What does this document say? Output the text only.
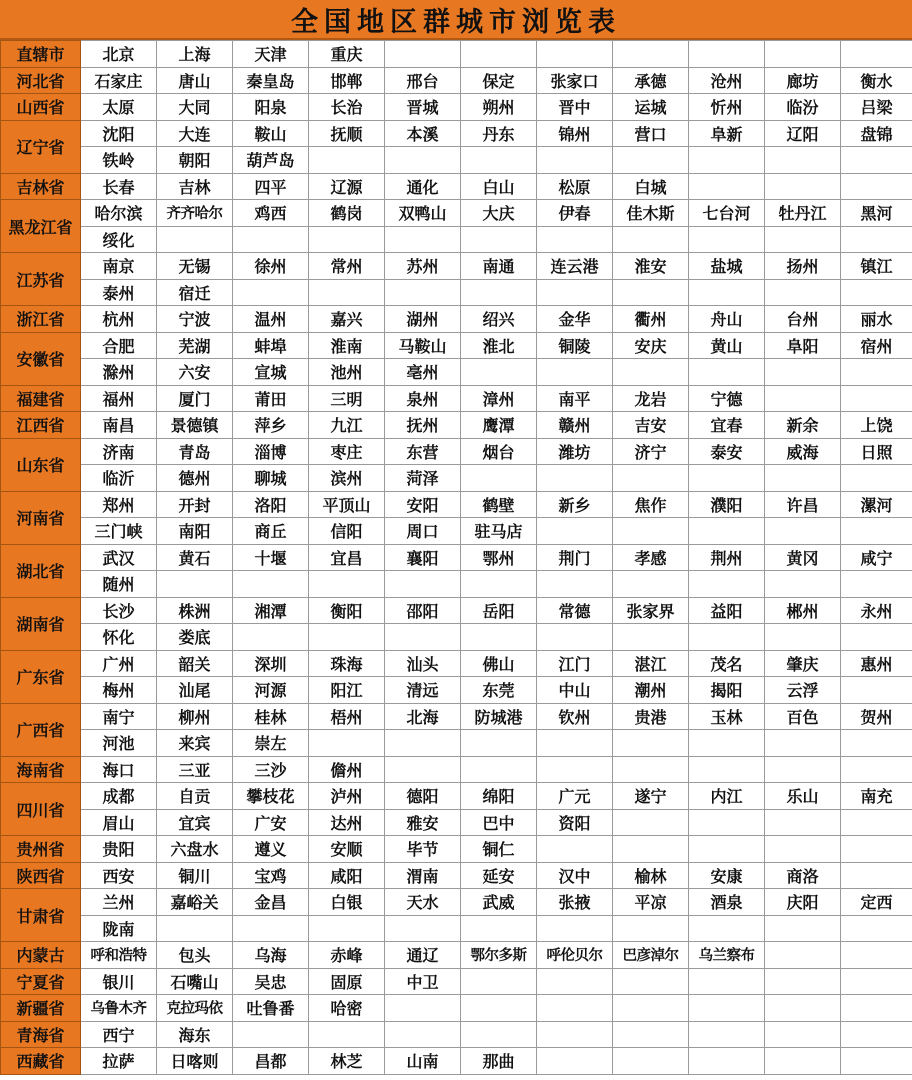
全国地区群城市浏览表
直辖市	北京	上海	天津	重庆							
河北省	石家庄	唐山	秦皇岛	邯郸	邢台	保定	张家口	承德	沧州	廊坊	衡水
山西省	太原	大同	阳泉	长治	晋城	朔州	晋中	运城	忻州	临汾	吕梁
辽宁省	沈阳	大连	鞍山	抚顺	本溪	丹东	锦州	营口	阜新	辽阳	盘锦
	铁岭	朝阳	葫芦岛								
吉林省	长春	吉林	四平	辽源	通化	白山	松原	白城			
黑龙江省	哈尔滨	齐齐哈尔	鸡西	鹤岗	双鸭山	大庆	伊春	佳木斯	七台河	牡丹江	黑河
	绥化										
江苏省	南京	无锡	徐州	常州	苏州	南通	连云港	淮安	盐城	扬州	镇江
	泰州	宿迁									
浙江省	杭州	宁波	温州	嘉兴	湖州	绍兴	金华	衢州	舟山	台州	丽水
安徽省	合肥	芜湖	蚌埠	淮南	马鞍山	淮北	铜陵	安庆	黄山	阜阳	宿州
	滁州	六安	宣城	池州	亳州						
福建省	福州	厦门	莆田	三明	泉州	漳州	南平	龙岩	宁德		
江西省	南昌	景德镇	萍乡	九江	抚州	鹰潭	赣州	吉安	宜春	新余	上饶
山东省	济南	青岛	淄博	枣庄	东营	烟台	潍坊	济宁	泰安	威海	日照
	临沂	德州	聊城	滨州	菏泽						
河南省	郑州	开封	洛阳	平顶山	安阳	鹤壁	新乡	焦作	濮阳	许昌	漯河
	三门峡	南阳	商丘	信阳	周口	驻马店					
湖北省	武汉	黄石	十堰	宜昌	襄阳	鄂州	荆门	孝感	荆州	黄冈	咸宁
	随州										
湖南省	长沙	株洲	湘潭	衡阳	邵阳	岳阳	常德	张家界	益阳	郴州	永州
	怀化	娄底									
广东省	广州	韶关	深圳	珠海	汕头	佛山	江门	湛江	茂名	肇庆	惠州
	梅州	汕尾	河源	阳江	清远	东莞	中山	潮州	揭阳	云浮	
广西省	南宁	柳州	桂林	梧州	北海	防城港	钦州	贵港	玉林	百色	贺州
	河池	来宾	崇左								
海南省	海口	三亚	三沙	儋州							
四川省	成都	自贡	攀枝花	泸州	德阳	绵阳	广元	遂宁	内江	乐山	南充
	眉山	宜宾	广安	达州	雅安	巴中	资阳				
贵州省	贵阳	六盘水	遵义	安顺	毕节	铜仁					
陕西省	西安	铜川	宝鸡	咸阳	渭南	延安	汉中	榆林	安康	商洛	
甘肃省	兰州	嘉峪关	金昌	白银	天水	武威	张掖	平凉	酒泉	庆阳	定西
	陇南										
内蒙古	呼和浩特	包头	乌海	赤峰	通辽	鄂尔多斯	呼伦贝尔	巴彦淖尔	乌兰察布		
宁夏省	银川	石嘴山	吴忠	固原	中卫						
新疆省	乌鲁木齐	克拉玛依	吐鲁番	哈密							
青海省	西宁	海东									
西藏省	拉萨	日喀则	昌都	林芝	山南	那曲					
